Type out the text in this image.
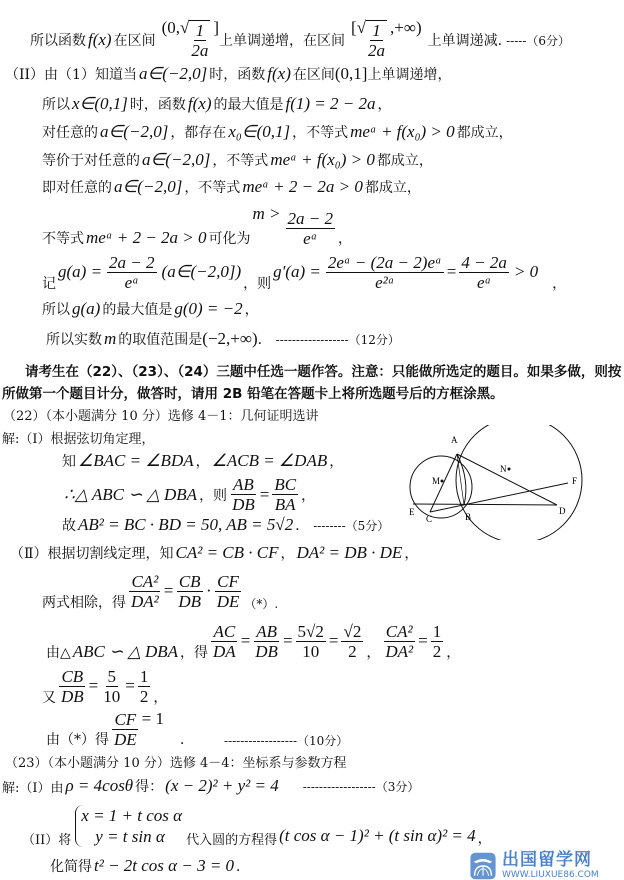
所以函数 f(x) 在区间
(0, √ $\frac{1}{2a}$ ]
上单调递增，在区间
[ √ $\frac{1}{2a}$ ,+∞)
上单调递减. -----（6分）
（II）由（1）知道当 a∈(−2,0] 时，函数 f(x) 在区间 (0,1] 上单调递增，
所以 x∈(0,1] 时，函数 f(x) 的最大值是 f(1) = 2 − 2a ，
对任意的 a∈(−2,0] ，都存在 x₀∈(0,1] ，不等式 meᵃ + f(x₀) > 0 都成立，
等价于对任意的 a∈(−2,0] ，不等式 meᵃ + f(x₀) > 0 都成立，
即对任意的 a∈(−2,0] ，不等式 meᵃ + 2 − 2a > 0 都成立，
不等式 meᵃ + 2 − 2a > 0 可化为
$m > \frac{2a - 2}{\text{eᵃ}}$ ，
记
$g(a) = \frac{2a - 2}{\text{eᵃ}}$ (a∈(−2,0])
，则
$g'(a) = \frac{\text{2eᵃ − (2a − 2)eᵃ}}{\text{e²ᵃ}} = \frac{4 - 2a}{\text{eᵃ}} > 0$
，
所以 g(a) 的最大值是 g(0) = −2 ，
所以实数 m 的取值范围是 (−2,+∞) ． ------------------（12分）
请考生在（22）、（23）、（24）三题中任选一题作答。注意：只能做所选定的题目。如果多做，则按
所做第一个题目计分，做答时，请用 2B 铅笔在答题卡上将所选题号后的方框涂黑。
（22）（本小题满分 10 分）选修 4－1：几何证明选讲
解:（Ⅰ）根据弦切角定理，
知 ∠BAC = ∠BDA ， ∠ACB = ∠DAB ，
∴△ ABC ∽ △ DBA ，则 $\frac{AB}{DB} = \frac{BC}{BA}$ ，
故 AB² = BC · BD = 50, AB = 5√2 ． --------（5分）
A
B
C
D
E
F
M
N
（Ⅱ）根据切割线定理，知 CA² = CB · CF ， DA² = DB · DE ，
两式相除，得 $\frac{\text{CA²}}{\text{DA²}} = \frac{CB}{DB} \cdot \frac{CF}{DE}$ （*）.
由△ ABC ∽ △ DBA ，得 $\frac{AC}{DA} = \frac{AB}{DB} = \frac{5√2}{10} = \frac{√2}{2}$ ， $\frac{\text{CA²}}{\text{DA²}} = \frac{1}{2}$ ，
又 $\frac{CB}{DB} = \frac{5}{10} = \frac{1}{2}$ ，
由（*）得 $\frac{CF}{DE} = 1$
．	------------------（10分）
（23）（本小题满分 10 分）选修 4－4：坐标系与参数方程
解:（I）由 ρ = 4cosθ 得： (x − 2)² + y² = 4 ------------------（3分）
（II）将
x = 1 + t cos α
y = t sin α	代入圆的方程得 (t cos α − 1)² + (t sin α)² = 4 ，
化简得 t² − 2t cos α − 3 = 0 ．	出国留学网
WWW.LIUXUE86.COM
